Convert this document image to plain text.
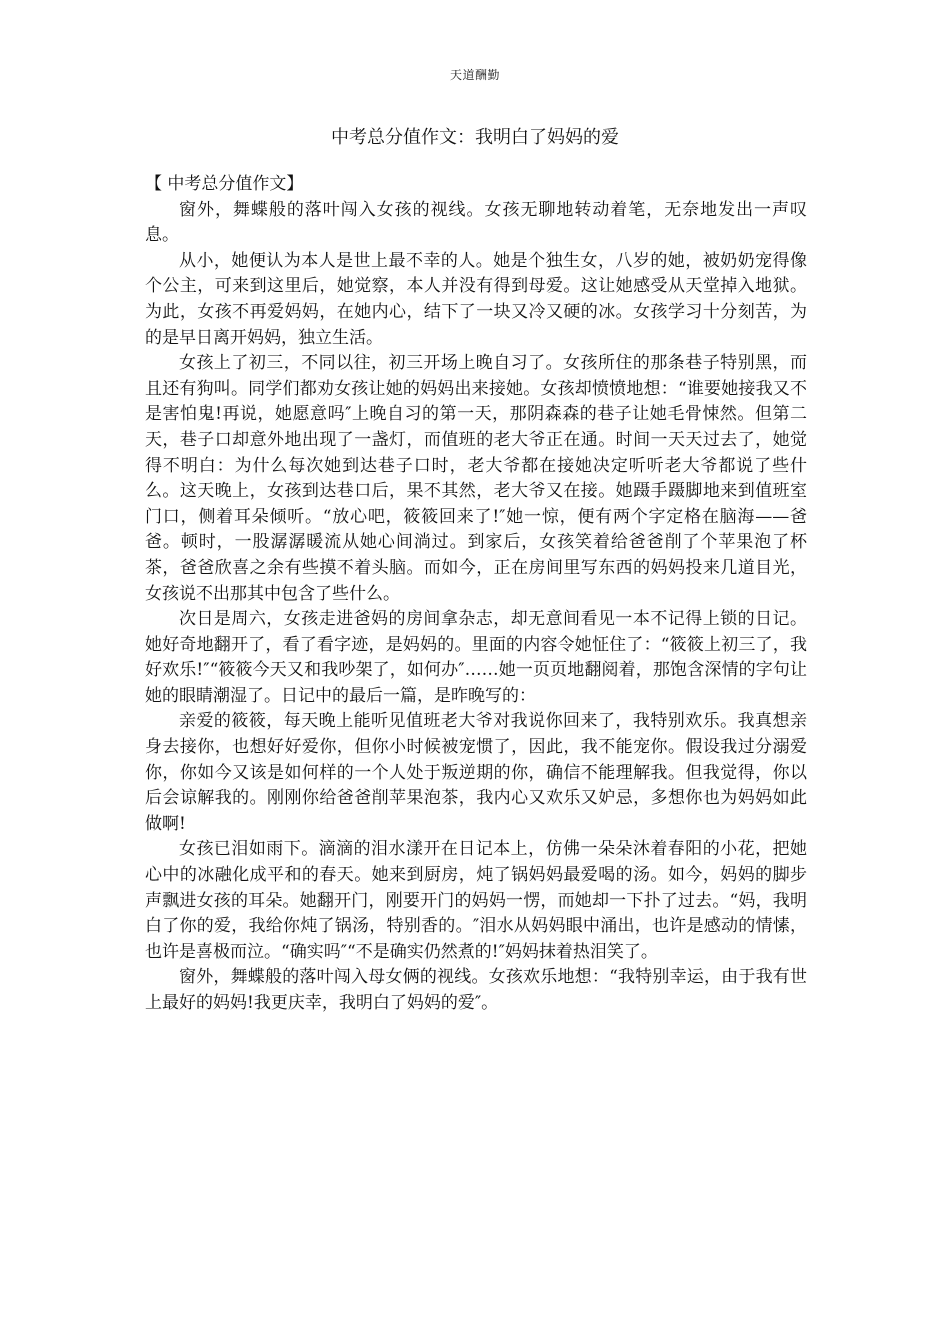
天道酬勤
中考总分值作文：我明白了妈妈的爱

【 中考总分值作文】

窗外，舞蝶般的落叶闯入女孩的视线。女孩无聊地转动着笔，无奈地发出一声叹息。

从小，她便认为本人是世上最不幸的人。她是个独生女，八岁的她，被奶奶宠得像个公主，可来到这里后，她觉察，本人并没有得到母爱。这让她感受从天堂掉入地狱。为此，女孩不再爱妈妈，在她内心，结下了一块又冷又硬的冰。女孩学习十分刻苦，为的是早日离开妈妈，独立生活。

女孩上了初三，不同以往，初三开场上晚自习了。女孩所住的那条巷子特别黑，而且还有狗叫。同学们都劝女孩让她的妈妈出来接她。女孩却愤愤地想：“谁要她接我又不是害怕鬼!再说，她愿意吗″上晚自习的第一天，那阴森森的巷子让她毛骨悚然。但第二天，巷子口却意外地出现了一盏灯，而值班的老大爷正在通。时间一天天过去了，她觉得不明白：为什么每次她到达巷子口时，老大爷都在接她决定听听老大爷都说了些什么。这天晚上，女孩到达巷口后，果不其然，老大爷又在接。她蹑手蹑脚地来到值班室门口，侧着耳朵倾听。“放心吧，筱筱回来了!″她一惊，便有两个字定格在脑海——爸爸。顿时，一股潺潺暖流从她心间淌过。到家后，女孩笑着给爸爸削了个苹果泡了杯茶，爸爸欣喜之余有些摸不着头脑。而如今，正在房间里写东西的妈妈投来几道目光，女孩说不出那其中包含了些什么。

次日是周六，女孩走进爸妈的房间拿杂志，却无意间看见一本不记得上锁的日记。她好奇地翻开了，看了看字迹，是妈妈的。里面的内容令她怔住了：“筱筱上初三了，我好欢乐!″“筱筱今天又和我吵架了，如何办″……她一页页地翻阅着，那饱含深情的字句让她的眼睛潮湿了。日记中的最后一篇，是昨晚写的：

亲爱的筱筱，每天晚上能听见值班老大爷对我说你回来了，我特别欢乐。我真想亲身去接你，也想好好爱你，但你小时候被宠惯了，因此，我不能宠你。假设我过分溺爱你，你如今又该是如何样的一个人处于叛逆期的你，确信不能理解我。但我觉得，你以后会谅解我的。刚刚你给爸爸削苹果泡茶，我内心又欢乐又妒忌，多想你也为妈妈如此做啊!

女孩已泪如雨下。滴滴的泪水漾开在日记本上，仿佛一朵朵沐着春阳的小花，把她心中的冰融化成平和的春天。她来到厨房，炖了锅妈妈最爱喝的汤。如今，妈妈的脚步声飘进女孩的耳朵。她翻开门，刚要开门的妈妈一愣，而她却一下扑了过去。“妈，我明白了你的爱，我给你炖了锅汤，特别香的。″泪水从妈妈眼中涌出，也许是感动的情愫，也许是喜极而泣。“确实吗″“不是确实仍然煮的!″妈妈抹着热泪笑了。

窗外，舞蝶般的落叶闯入母女俩的视线。女孩欢乐地想：“我特别幸运，由于我有世上最好的妈妈!我更庆幸，我明白了妈妈的爱″。
